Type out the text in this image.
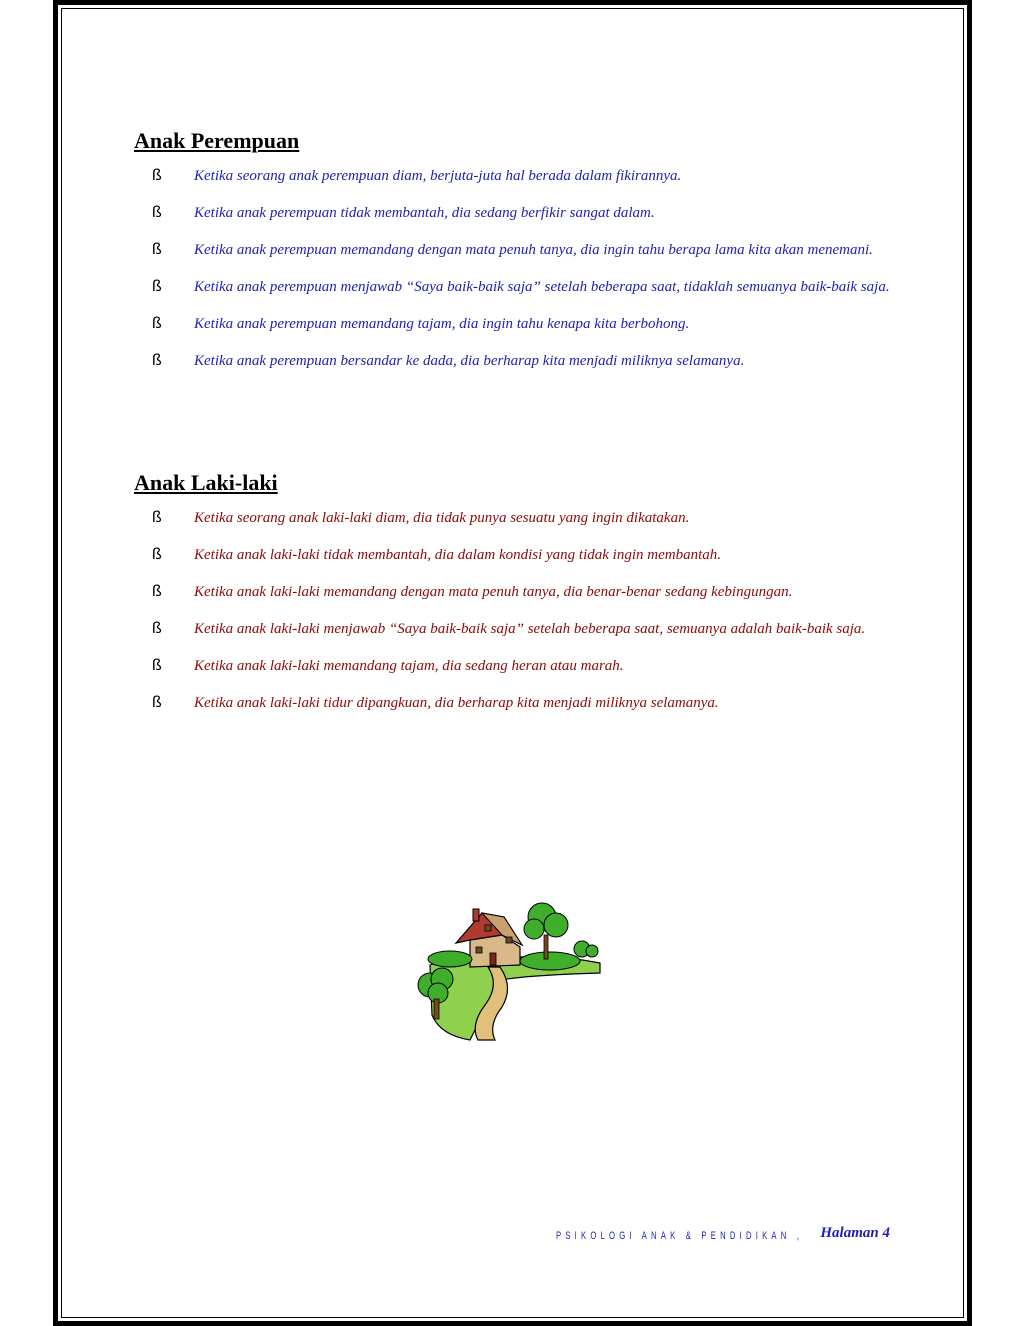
Anak Perempuan
ß Ketika seorang anak perempuan diam, berjuta-juta hal berada dalam fikirannya.
ß Ketika anak perempuan tidak membantah, dia sedang berfikir sangat dalam.
ß Ketika anak perempuan memandang dengan mata penuh tanya, dia ingin tahu berapa lama kita akan menemani.
ß Ketika anak perempuan menjawab “Saya baik-baik saja” setelah beberapa saat, tidaklah semuanya baik-baik saja.
ß Ketika anak perempuan memandang tajam, dia ingin tahu kenapa kita berbohong.
ß Ketika anak perempuan bersandar ke dada, dia berharap kita menjadi miliknya selamanya.
Anak Laki-laki
ß Ketika seorang anak laki-laki diam, dia tidak punya sesuatu yang ingin dikatakan.
ß Ketika anak laki-laki tidak membantah, dia dalam kondisi yang tidak ingin membantah.
ß Ketika anak laki-laki memandang dengan mata penuh tanya, dia benar-benar sedang kebingungan.
ß Ketika anak laki-laki menjawab “Saya baik-baik saja” setelah beberapa saat, semuanya adalah baik-baik saja.
ß Ketika anak laki-laki memandang tajam, dia sedang heran atau marah.
ß Ketika anak laki-laki tidur dipangkuan, dia berharap kita menjadi miliknya selamanya.
PSIKOLOGI ANAK & PENDIDIKAN , Halaman 4
